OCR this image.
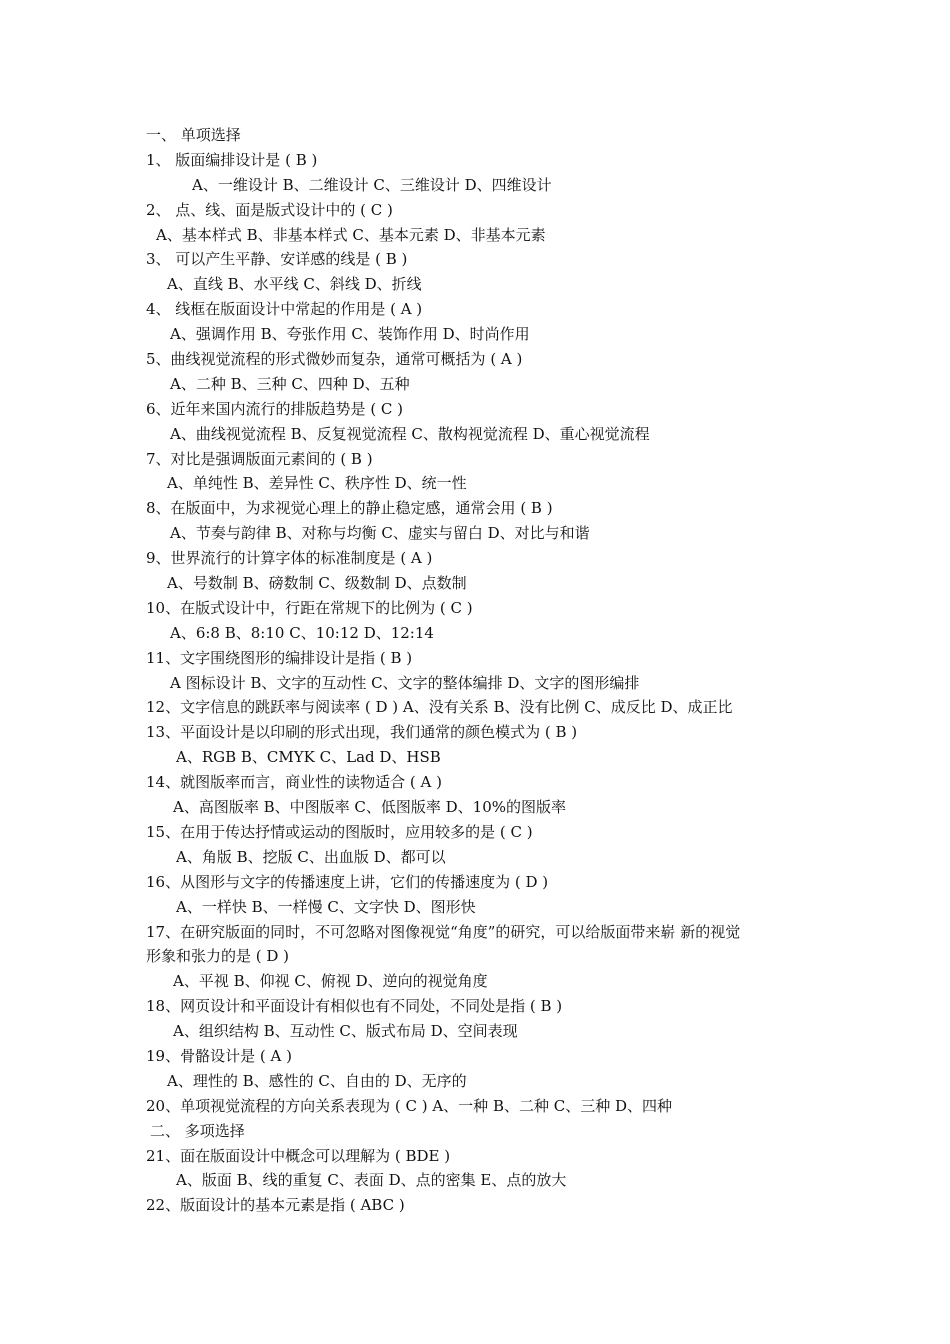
一、 单项选择
1、 版面编排设计是 ( B )
A、一维设计 B、二维设计 C、三维设计 D、四维设计
2、 点、线、面是版式设计中的 ( C )
A、基本样式 B、非基本样式 C、基本元素 D、非基本元素
3、 可以产生平静、安详感的线是 ( B )
A、直线 B、水平线 C、斜线 D、折线
4、 线框在版面设计中常起的作用是 ( A )
A、强调作用 B、夸张作用 C、装饰作用 D、时尚作用
5、曲线视觉流程的形式微妙而复杂，通常可概括为 ( A )
A、二种 B、三种 C、四种 D、五种
6、近年来国内流行的排版趋势是 ( C )
A、曲线视觉流程 B、反复视觉流程 C、散构视觉流程 D、重心视觉流程
7、对比是强调版面元素间的 ( B )
A、单纯性 B、差异性 C、秩序性 D、统一性
8、在版面中，为求视觉心理上的静止稳定感，通常会用 ( B )
A、节奏与韵律 B、对称与均衡 C、虚实与留白 D、对比与和谐
9、世界流行的计算字体的标准制度是 ( A )
A、号数制 B、磅数制 C、级数制 D、点数制
10、在版式设计中，行距在常规下的比例为 ( C )
A、6:8 B、8:10 C、10:12 D、12:14
11、文字围绕图形的编排设计是指 ( B )
A 图标设计 B、文字的互动性 C、文字的整体编排 D、文字的图形编排
12、文字信息的跳跃率与阅读率 ( D ) A、没有关系 B、没有比例 C、成反比 D、成正比
13、平面设计是以印刷的形式出现，我们通常的颜色模式为 ( B )
A、RGB B、CMYK C、Lad D、HSB
14、就图版率而言，商业性的读物适合 ( A )
A、高图版率 B、中图版率 C、低图版率 D、10%的图版率
15、在用于传达抒情或运动的图版时，应用较多的是 ( C )
A、角版 B、挖版 C、出血版 D、都可以
16、从图形与文字的传播速度上讲，它们的传播速度为 ( D )
A、一样快 B、一样慢 C、文字快 D、图形快
17、在研究版面的同时，不可忽略对图像视觉“角度”的研究，可以给版面带来崭 新的视觉
形象和张力的是 ( D )
A、平视 B、仰视 C、俯视 D、逆向的视觉角度
18、网页设计和平面设计有相似也有不同处，不同处是指 ( B )
A、组织结构 B、互动性 C、版式布局 D、空间表现
19、骨骼设计是 ( A )
A、理性的 B、感性的 C、自由的 D、无序的
20、单项视觉流程的方向关系表现为 ( C ) A、一种 B、二种 C、三种 D、四种
二、 多项选择
21、面在版面设计中概念可以理解为 ( BDE )
A、版面 B、线的重复 C、表面 D、点的密集 E、点的放大
22、版面设计的基本元素是指 ( ABC )
